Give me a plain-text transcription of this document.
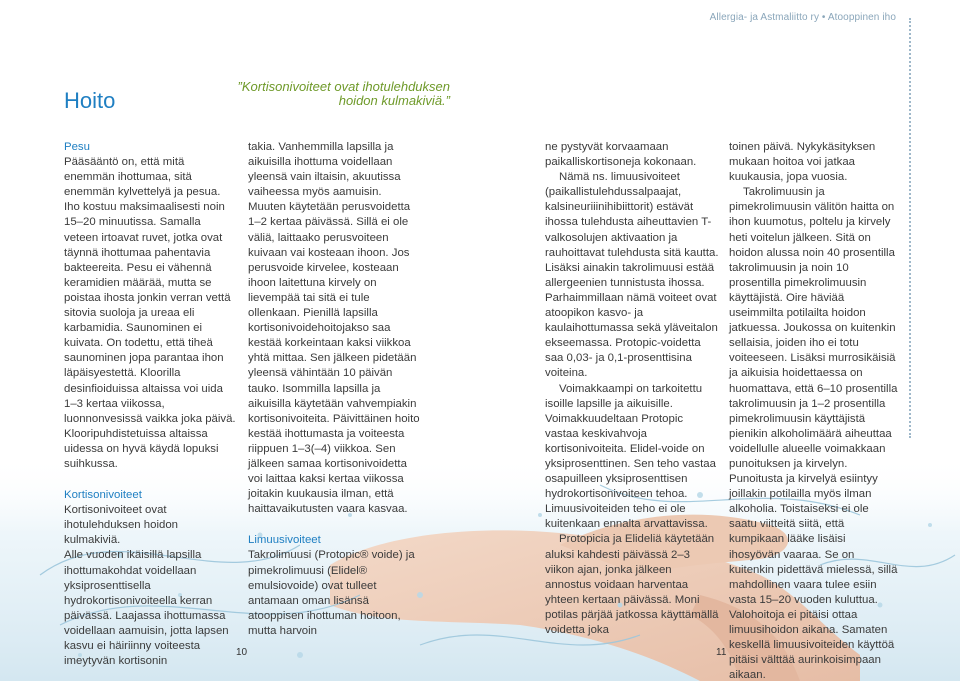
Allergia- ja Astmaliitto ry • Atooppinen iho
Hoito
”Kortisonivoiteet ovat ihotulehduksen hoidon kulmakiviä.”

Pesu

Pääsääntö on, että mitä enemmän ihottumaa, sitä enemmän kylvettelyä ja pesua. Iho kostuu maksimaalisesti noin 15–20 minuutissa. Samalla veteen irtoavat ruvet, jotka ovat täynnä ihottumaa pahentavia bakteereita. Pesu ei vähennä keramidien määrää, mutta se poistaa ihosta jonkin verran vettä sitovia suoloja ja ureaa eli karbamidia. Saunominen ei kuivata. On todettu, että tiheä saunominen jopa parantaa ihon läpäisyestettä. Kloorilla desinfioiduissa altaissa voi uida 1–3 kertaa viikossa, luonnonvesissä vaikka joka päivä. Klooripuhdistetuissa altaissa uidessa on hyvä käydä lopuksi suihkussa.

Kortisonivoiteet

Kortisonivoiteet ovat ihotulehduksen hoidon kulmakiviä.

Alle vuoden ikäisillä lapsilla ihottumakohdat voidellaan yksiprosenttisella hydrokortisonivoiteella kerran päivässä. Laajassa ihottumassa voidellaan aamuisin, jotta lapsen kasvu ei häiriinny voiteesta imeytyvän kortisonin

takia. Vanhemmilla lapsilla ja aikuisilla ihottuma voidellaan yleensä vain iltaisin, akuutissa vaiheessa myös aamuisin. Muuten käytetään perusvoidetta 1–2 kertaa päivässä. Sillä ei ole väliä, laittaako perusvoiteen kuivaan vai kosteaan ihoon. Jos perusvoide kirvelee, kosteaan ihoon laitettuna kirvely on lievempää tai sitä ei tule ollenkaan. Pienillä lapsilla kortisonivoidehoitojakso saa kestää korkeintaan kaksi viikkoa yhtä mittaa. Sen jälkeen pidetään yleensä vähintään 10 päivän tauko. Isommilla lapsilla ja aikuisilla käytetään vahvempiakin kortisonivoiteita. Päivittäinen hoito kestää ihottumasta ja voiteesta riippuen 1–3(–4) viikkoa. Sen jälkeen samaa kortisonivoidetta voi laittaa kaksi kertaa viikossa joitakin kuukausia ilman, että haittavaikutusten vaara kasvaa.

Limuusivoiteet

Takrolimuusi (Protopic® voide) ja pimekrolimuusi (Elidel® emulsiovoide) ovat tulleet antamaan oman lisänsä atooppisen ihottuman hoitoon, mutta harvoin

ne pystyvät korvaamaan paikalliskortisoneja kokonaan.

Nämä ns. limuusivoiteet (paikallistulehdussalpaajat, kalsineuriiinihibiittorit) estävät ihossa tulehdusta aiheuttavien T-valkosolujen aktivaation ja rauhoittavat tulehdusta sitä kautta. Lisäksi ainakin takrolimuusi estää allergeenien tunnistusta ihossa. Parhaimmillaan nämä voiteet ovat atoopikon kasvo- ja kaulaihottumassa sekä yläveitalon ekseemassa. Protopic-voidetta saa 0,03- ja 0,1-prosenttisina voiteina.

Voimakkaampi on tarkoitettu isoille lapsille ja aikuisille. Voimakkuudeltaan Protopic vastaa keskivahvoja kortisonivoiteita. Elidel-voide on yksiprosenttinen. Sen teho vastaa osapuilleen yksiprosenttisen hydrokortisonivoiteen tehoa. Limuusivoiteiden teho ei ole kuitenkaan ennalta arvattavissa.

Protopicia ja Elideliä käytetään aluksi kahdesti päivässä 2–3 viikon ajan, jonka jälkeen annostus voidaan harventaa yhteen kertaan päivässä. Moni potilas pärjää jatkossa käyttämällä voidetta joka

toinen päivä. Nykykäsityksen mukaan hoitoa voi jatkaa kuukausia, jopa vuosia.

Takrolimuusin ja pimekrolimuusin välitön haitta on ihon kuumotus, poltelu ja kirvely heti voitelun jälkeen. Sitä on hoidon alussa noin 40 prosentilla takrolimuusin ja noin 10 prosentilla pimekrolimuusin käyttäjistä. Oire häviää useimmilta potilailta hoidon jatkuessa. Joukossa on kuitenkin sellaisia, joiden iho ei totu voiteeseen. Lisäksi murrosikäisiä ja aikuisia hoidettaessa on huomattava, että 6–10 prosentilla takrolimuusin ja 1–2 prosentilla pimekrolimuusin käyttäjistä pienikin alkoholimäärä aiheuttaa voidellulle alueelle voimakkaan punoituksen ja kirvelyn. Punoitusta ja kirvelyä esiintyy joillakin potilailla myös ilman alkoholia. Toistaiseksi ei ole saatu viitteitä siitä, että kumpikaan lääke lisäisi ihosyövän vaaraa. Se on kuitenkin pidettävä mielessä, sillä mahdollinen vaara tulee esiin vasta 15–20 vuoden kuluttua. Valohoitoja ei pitäisi ottaa limuusihoidon aikana. Samaten keskellä limuusivoiteiden käyttöä pitäisi välttää aurinkoisimpaan aikaan.

10	11
